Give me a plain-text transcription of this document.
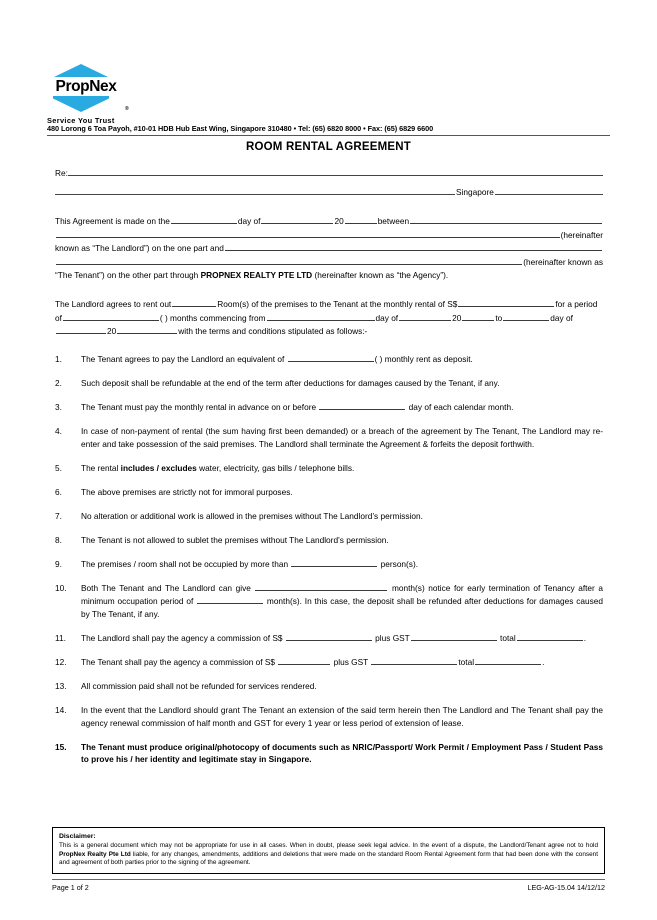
PropNex
Service You Trust
®
480 Lorong 6 Toa Payoh, #10-01 HDB Hub East Wing, Singapore 310480 • Tel: (65) 6820 8000 • Fax: (65) 6829 6600
ROOM RENTAL AGREEMENT
Re:
Singapore
This Agreement is made on the	day of	20	between
(hereinafter
known as “The Landlord”) on the one part and
(hereinafter known as
“The Tenant”) on the other part through PROPNEX REALTY PTE LTD (hereinafter known as “the Agency”).
The Landlord agrees to rent out	Room(s) of the premises to the Tenant at the monthly rental of S$	for a period
of	( ) months commencing from	day of	20	to	day of
20	with the terms and conditions stipulated as follows:-
1.	The Tenant agrees to pay the Landlord an equivalent of	( ) monthly rent as deposit.
2.	Such deposit shall be refundable at the end of the term after deductions for damages caused by the Tenant, if any.
3.	The Tenant must pay the monthly rental in advance on or before	day of each calendar month.
4.	In case of non-payment of rental (the sum having first been demanded) or a breach of the agreement by The Tenant, The Landlord may re-enter and take possession of the said premises. The Landlord shall terminate the Agreement & forfeits the deposit forthwith.
5.	The rental includes / excludes water, electricity, gas bills / telephone bills.
6.	The above premises are strictly not for immoral purposes.
7.	No alteration or additional work is allowed in the premises without The Landlord’s permission.
8.	The Tenant is not allowed to sublet the premises without The Landlord’s permission.
9.	The premises / room shall not be occupied by more than	person(s).
10.	Both The Tenant and The Landlord can give	month(s) notice for early termination of Tenancy after a minimum occupation period of	month(s). In this case, the deposit shall be refunded after deductions for damages caused by The Tenant, if any.
11.	The Landlord shall pay the agency a commission of S$	plus GST	total	.
12.	The Tenant shall pay the agency a commission of S$	plus GST	total	.
13.	All commission paid shall not be refunded for services rendered.
14.	In the event that the Landlord should grant The Tenant an extension of the said term herein then The Landlord and The Tenant shall pay the agency renewal commission of half month and GST for every 1 year or less period of extension of lease.
15.	The Tenant must produce original/photocopy of documents such as NRIC/Passport/ Work Permit / Employment Pass / Student Pass to prove his / her identity and legitimate stay in Singapore.
Disclaimer:
This is a general document which may not be appropriate for use in all cases. When in doubt, please seek legal advice. In the event of a dispute, the Landlord/Tenant agree not to hold PropNex Realty Pte Ltd liable, for any changes, amendments, additions and deletions that were made on the standard Room Rental Agreement form that had been done with the consent and agreement of both parties prior to the signing of the agreement.
Page 1 of 2	LEG-AG-15.04 14/12/12
